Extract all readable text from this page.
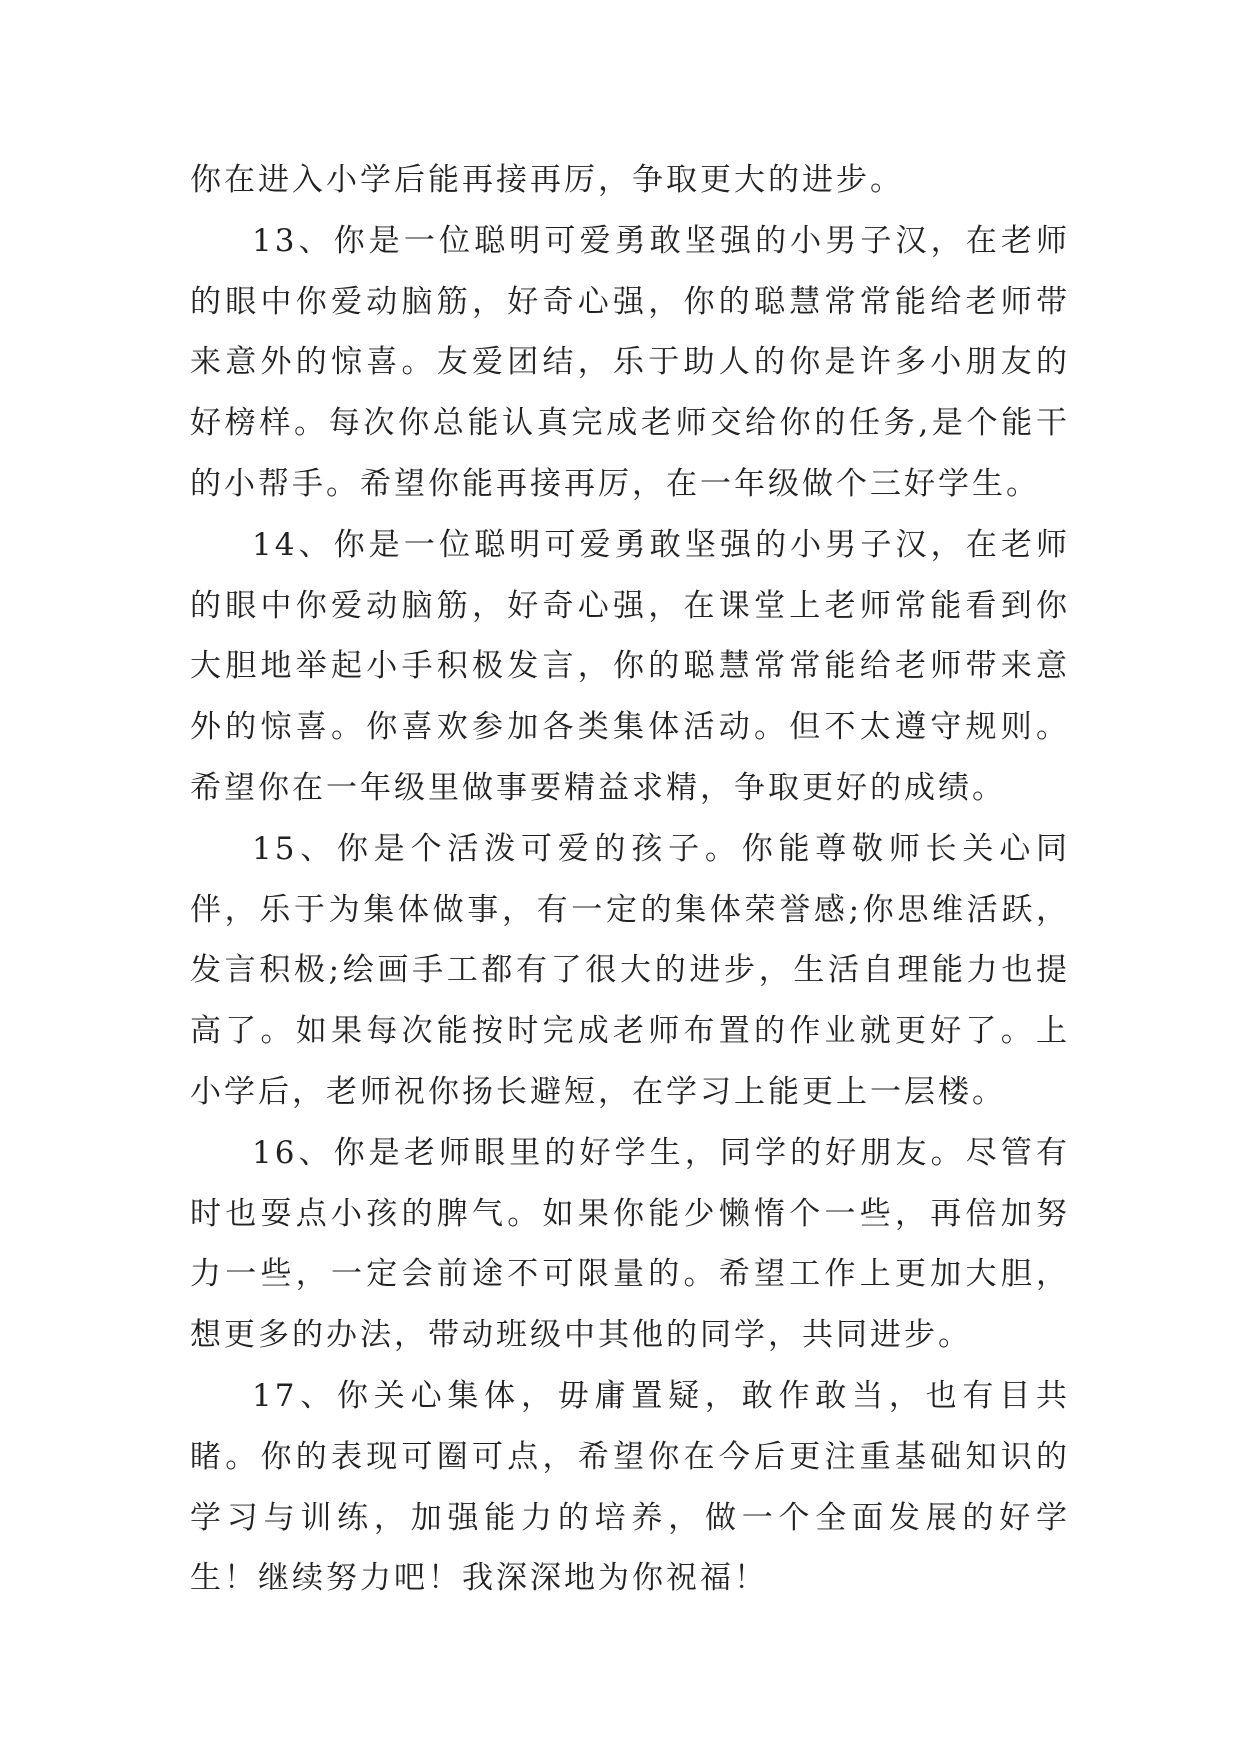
你在进入小学后能再接再厉，争取更大的进步。

13、你是一位聪明可爱勇敢坚强的小男子汉，在老师的眼中你爱动脑筋，好奇心强，你的聪慧常常能给老师带来意外的惊喜。友爱团结，乐于助人的你是许多小朋友的好榜样。每次你总能认真完成老师交给你的任务,是个能干的小帮手。希望你能再接再厉，在一年级做个三好学生。

14、你是一位聪明可爱勇敢坚强的小男子汉，在老师的眼中你爱动脑筋，好奇心强，在课堂上老师常能看到你大胆地举起小手积极发言，你的聪慧常常能给老师带来意外的惊喜。你喜欢参加各类集体活动。但不太遵守规则。希望你在一年级里做事要精益求精，争取更好的成绩。

15、你是个活泼可爱的孩子。你能尊敬师长关心同伴，乐于为集体做事，有一定的集体荣誉感;你思维活跃，发言积极;绘画手工都有了很大的进步，生活自理能力也提高了。如果每次能按时完成老师布置的作业就更好了。上小学后，老师祝你扬长避短，在学习上能更上一层楼。

16、你是老师眼里的好学生，同学的好朋友。尽管有时也耍点小孩的脾气。如果你能少懒惰个一些，再倍加努力一些，一定会前途不可限量的。希望工作上更加大胆，想更多的办法，带动班级中其他的同学，共同进步。

17、你关心集体，毋庸置疑，敢作敢当，也有目共睹。你的表现可圈可点，希望你在今后更注重基础知识的学习与训练，加强能力的培养，做一个全面发展的好学生！继续努力吧！我深深地为你祝福！
